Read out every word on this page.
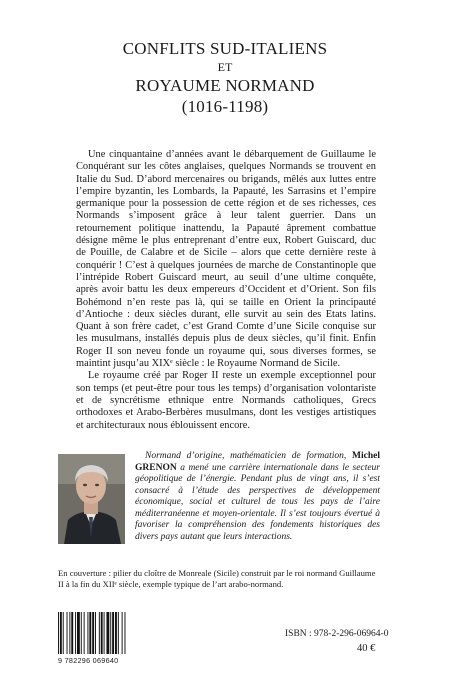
CONFLITS SUD-ITALIENS
ET
ROYAUME NORMAND
(1016-1198)

Une cinquantaine d’années avant le débarquement de Guillaume le Conquérant sur les côtes anglaises, quelques Normands se trouvent en Italie du Sud. D’abord mercenaires ou brigands, mêlés aux luttes entre l’empire byzantin, les Lombards, la Papauté, les Sarrasins et l’empire germanique pour la possession de cette région et de ses richesses, ces Normands s’imposent grâce à leur talent guerrier. Dans un retournement politique inattendu, la Papauté âprement combattue désigne même le plus entreprenant d’entre eux, Robert Guiscard, duc de Pouille, de Calabre et de Sicile – alors que cette dernière reste à conquérir ! C’est à quelques journées de marche de Constantinople que l’intrépide Robert Guiscard meurt, au seuil d’une ultime conquête, après avoir battu les deux empereurs d’Occident et d’Orient. Son fils Bohémond n’en reste pas là, qui se taille en Orient la principauté d’Antioche : deux siècles durant, elle survit au sein des Etats latins. Quant à son frère cadet, c’est Grand Comte d’une Sicile conquise sur les musulmans, installés depuis plus de deux siècles, qu’il finit. Enfin Roger II son neveu fonde un royaume qui, sous diverses formes, se maintint jusqu’au XIXᵉ siècle : le Royaume Normand de Sicile.

Le royaume créé par Roger II reste un exemple exceptionnel pour son temps (et peut-être pour tous les temps) d’organisation volontariste et de syncrétisme ethnique entre Normands catholiques, Grecs orthodoxes et Arabo-Berbères musulmans, dont les vestiges artistiques et architecturaux nous éblouissent encore.

Normand d’origine, mathématicien de formation, Michel GRENON a mené une carrière internationale dans le secteur géopolitique de l’énergie. Pendant plus de vingt ans, il s’est consacré à l’étude des perspectives de développement économique, social et culturel de tous les pays de l’aire méditerranéenne et moyen-orientale. Il s’est toujours évertué à favoriser la compréhension des fondements historiques des divers pays autant que leurs interactions.
En couverture : pilier du cloître de Monreale (Sicile) construit par le roi normand Guillaume II à la fin du XIIᵉ siècle, exemple typique de l’art arabo-normand.
9 782296 069640
ISBN : 978-2-296-06964-0
40 €
